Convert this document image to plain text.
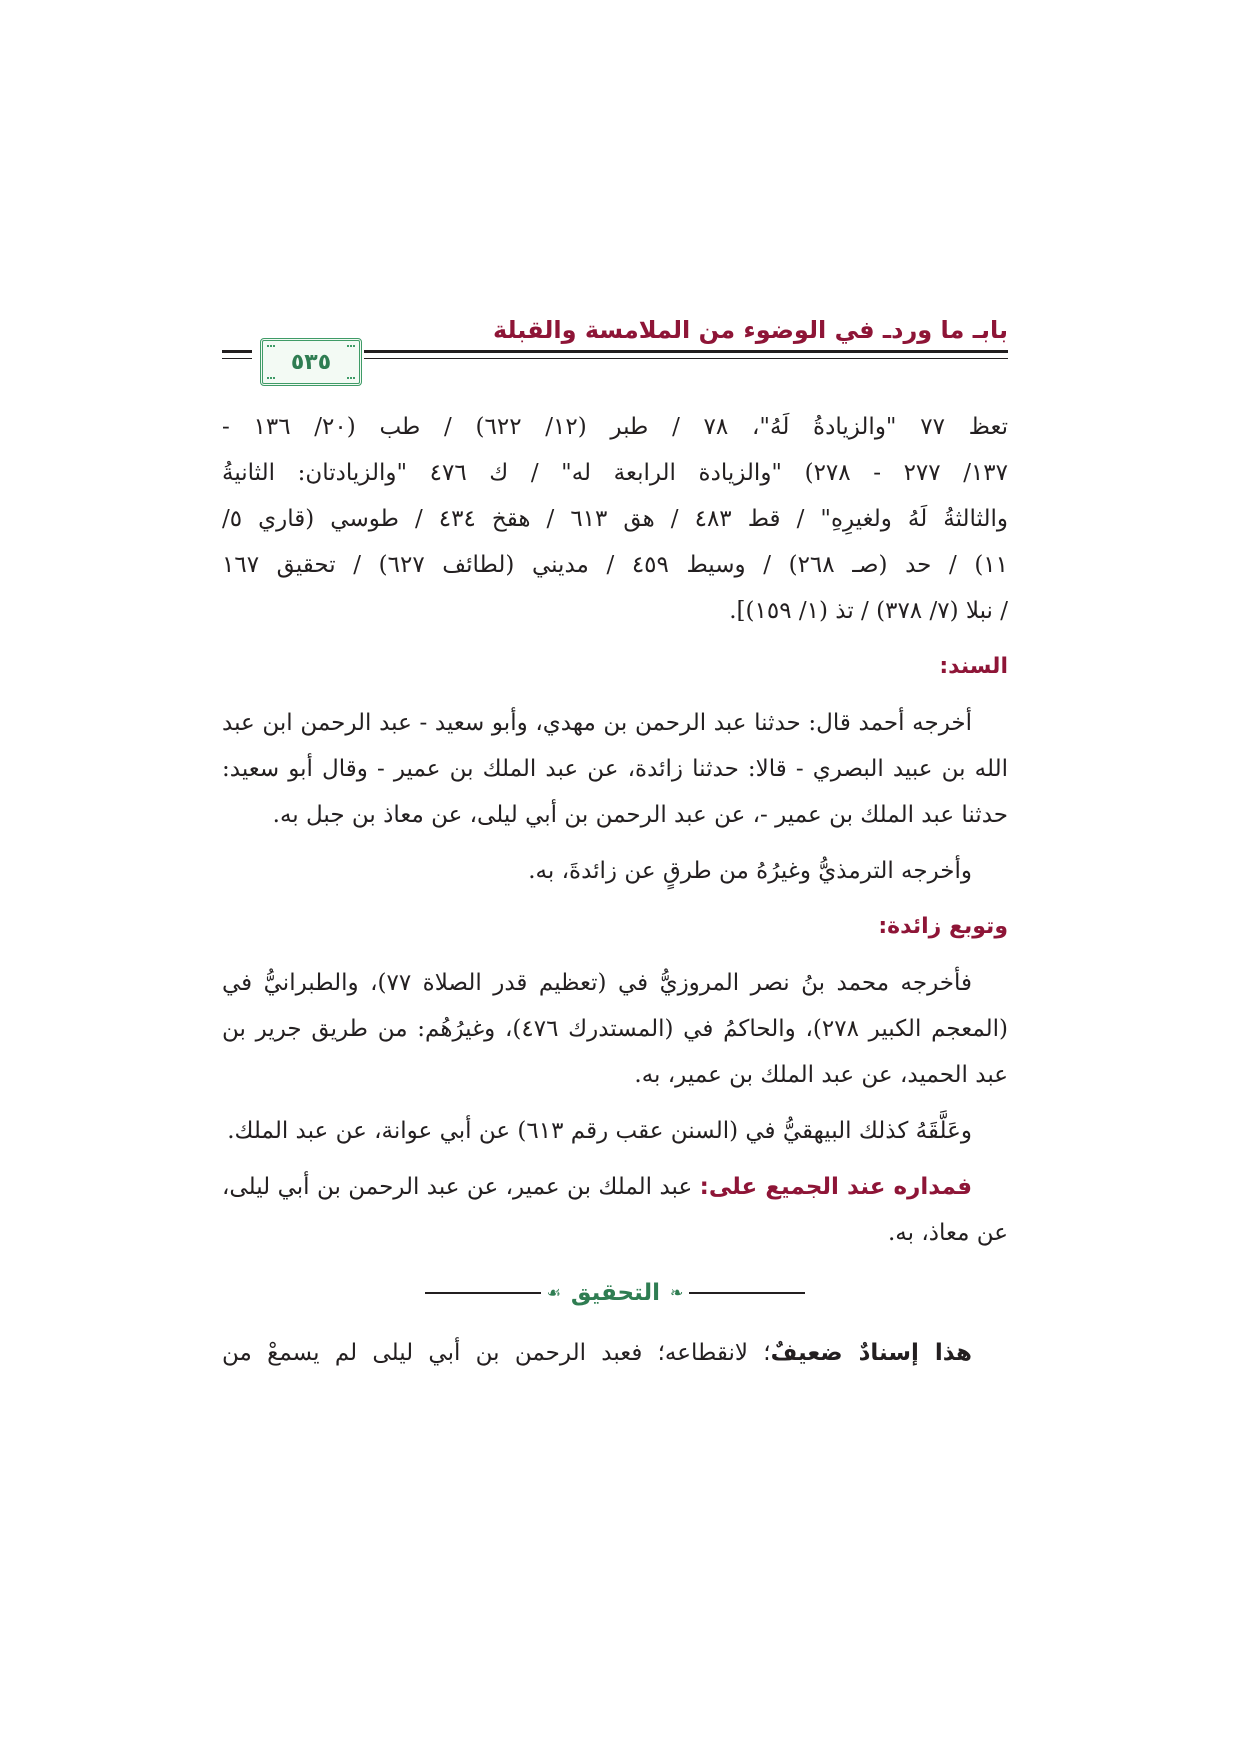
بابـ ما وردـ في الوضوء من الملامسة والقبلة
٥٣٥

تعظ ٧٧ "والزيادةُ لَهُ"، ٧٨ / طبر (١٢/ ٦٢٢) / طب (٢٠/ ١٣٦ -

١٣٧/ ٢٧٧ - ٢٧٨) "والزيادة الرابعة له" / ك ٤٧٦ "والزيادتان: الثانيةُ

والثالثةُ لَهُ ولغيرِهِ" / قط ٤٨٣ / هق ٦١٣ / هقخ ٤٣٤ / طوسي (قاري ٥/

١١) / حد (صـ ٢٦٨) / وسيط ٤٥٩ / مديني (لطائف ٦٢٧) / تحقيق ١٦٧

/ نبلا (٧/ ٣٧٨) / تذ (١/ ١٥٩)].

السند:

أخرجه أحمد قال: حدثنا عبد الرحمن بن مهدي، وأبو سعيد - عبد الرحمن ابن عبد الله بن عبيد البصري - قالا: حدثنا زائدة، عن عبد الملك بن عمير - وقال أبو سعيد: حدثنا عبد الملك بن عمير -، عن عبد الرحمن بن أبي ليلى، عن معاذ بن جبل به.

وأخرجه الترمذيُّ وغيرُهُ من طرقٍ عن زائدةَ، به.

وتوبع زائدة:

فأخرجه محمد بنُ نصر المروزيُّ في (تعظيم قدر الصلاة ٧٧)، والطبرانيُّ في (المعجم الكبير ٢٧٨)، والحاكمُ في (المستدرك ٤٧٦)، وغيرُهُم: من طريق جرير بن عبد الحميد، عن عبد الملك بن عمير، به.

وعَلَّقَهُ كذلك البيهقيُّ في (السنن عقب رقم ٦١٣) عن أبي عوانة، عن عبد الملك.

فمداره عند الجميع على: عبد الملك بن عمير، عن عبد الرحمن بن أبي ليلى، عن معاذ، به.

❧
التحقيق
☙

هذا إسنادٌ ضعيفٌ؛ لانقطاعه؛ فعبد الرحمن بن أبي ليلى لم يسمعْ من
